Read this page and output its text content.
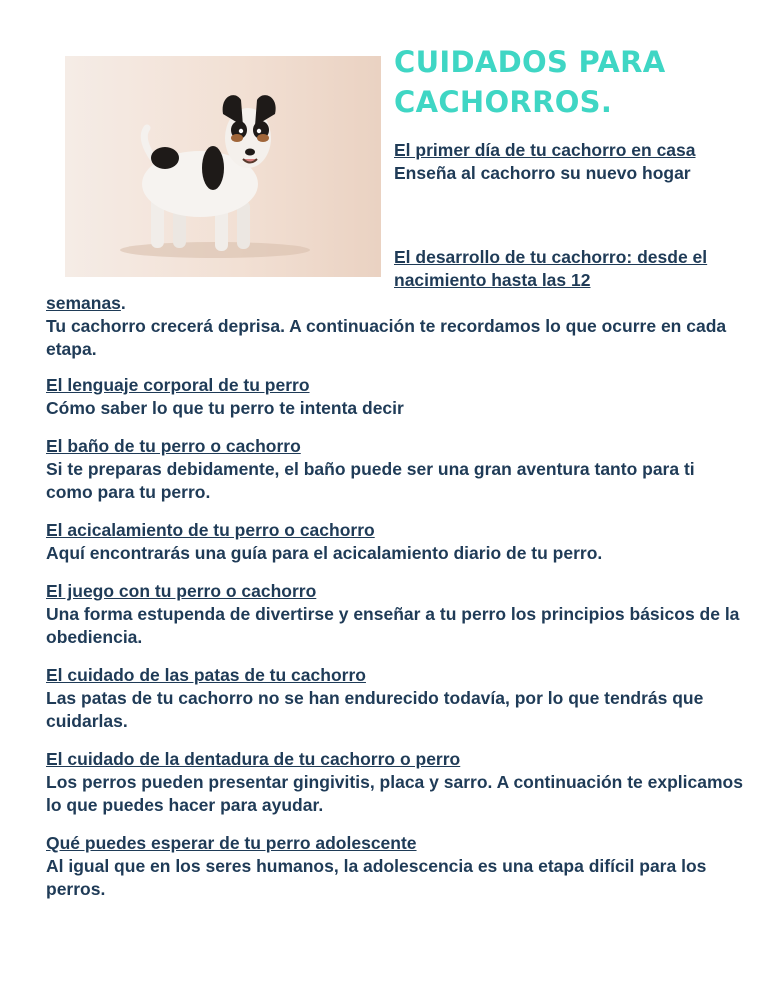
CUIDADOS PARA CACHORROS.
El primer día de tu cachorro en casa
Enseña al cachorro su nuevo hogar
El desarrollo de tu cachorro: desde el nacimiento hasta las 12
semanas.
Tu cachorro crecerá deprisa. A continuación te recordamos lo que ocurre en cada etapa.
El lenguaje corporal de tu perro
Cómo saber lo que tu perro te intenta decir
El baño de tu perro o cachorro
Si te preparas debidamente, el baño puede ser una gran aventura tanto para ti como para tu perro.
El acicalamiento de tu perro o cachorro
Aquí encontrarás una guía para el acicalamiento diario de tu perro.
El juego con tu perro o cachorro
Una forma estupenda de divertirse y enseñar a tu perro los principios básicos de la obediencia.
El cuidado de las patas de tu cachorro
Las patas de tu cachorro no se han endurecido todavía, por lo que tendrás que cuidarlas.
El cuidado de la dentadura de tu cachorro o perro
Los perros pueden presentar gingivitis, placa y sarro. A continuación te explicamos lo que puedes hacer para ayudar.
Qué puedes esperar de tu perro adolescente
Al igual que en los seres humanos, la adolescencia es una etapa difícil para los perros.
